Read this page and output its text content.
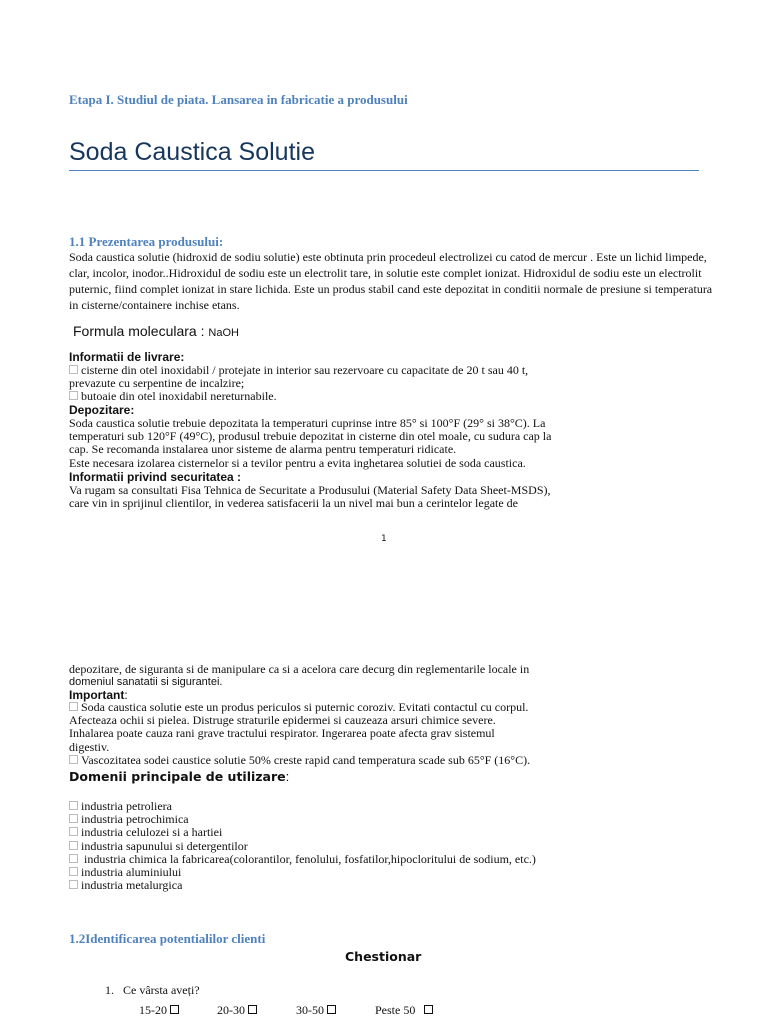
Etapa I. Studiul de piata. Lansarea in fabricatie a produsului
Soda Caustica Solutie
1.1 Prezentarea produsului:
Soda caustica solutie (hidroxid de sodiu solutie) este obtinuta prin procedeul electrolizei cu catod de mercur . Este un lichid limpede,
clar, incolor, inodor..Hidroxidul de sodiu este un electrolit tare, in solutie este complet ionizat. Hidroxidul de sodiu este un electrolit
puternic, fiind complet ionizat in stare lichida. Este un produs stabil cand este depozitat in conditii normale de presiune si temperatura
in cisterne/containere inchise etans.
Formula moleculara : NaOH
Informatii de livrare:
cisterne din otel inoxidabil / protejate in interior sau rezervoare cu capacitate de 20 t sau 40 t,
prevazute cu serpentine de incalzire;
butoaie din otel inoxidabil nereturnabile.
Depozitare:
Soda caustica solutie trebuie depozitata la temperaturi cuprinse intre 85° si 100°F (29° si 38°C). La
temperaturi sub 120°F (49°C), produsul trebuie depozitat in cisterne din otel moale, cu sudura cap la
cap. Se recomanda instalarea unor sisteme de alarma pentru temperaturi ridicate.
Este necesara izolarea cisternelor si a tevilor pentru a evita inghetarea solutiei de soda caustica.
Informatii privind securitatea :
Va rugam sa consultati Fisa Tehnica de Securitate a Produsului (Material Safety Data Sheet-MSDS),
care vin in sprijinul clientilor, in vederea satisfacerii la un nivel mai bun a cerintelor legate de
1
depozitare, de siguranta si de manipulare ca si a acelora care decurg din reglementarile locale in
domeniul sanatatii si sigurantei.
Important:
Soda caustica solutie este un produs periculos si puternic coroziv. Evitati contactul cu corpul.
Afecteaza ochii si pielea. Distruge straturile epidermei si cauzeaza arsuri chimice severe.
Inhalarea poate cauza rani grave tractului respirator. Ingerarea poate afecta grav sistemul
digestiv.
Vascozitatea sodei caustice solutie 50% creste rapid cand temperatura scade sub 65°F (16°C).
Domenii principale de utilizare:
industria petroliera
industria petrochimica
industria celulozei si a hartiei
industria sapunului si detergentilor
industria chimica la fabricarea(colorantilor, fenolului, fosfatilor,hipocloritului de sodium, etc.)
industria aluminiului
industria metalurgica
1.2Identificarea potentialilor clienti
Chestionar
1. Ce vârsta aveți?
15-20	20-30	30-50	Peste 50
